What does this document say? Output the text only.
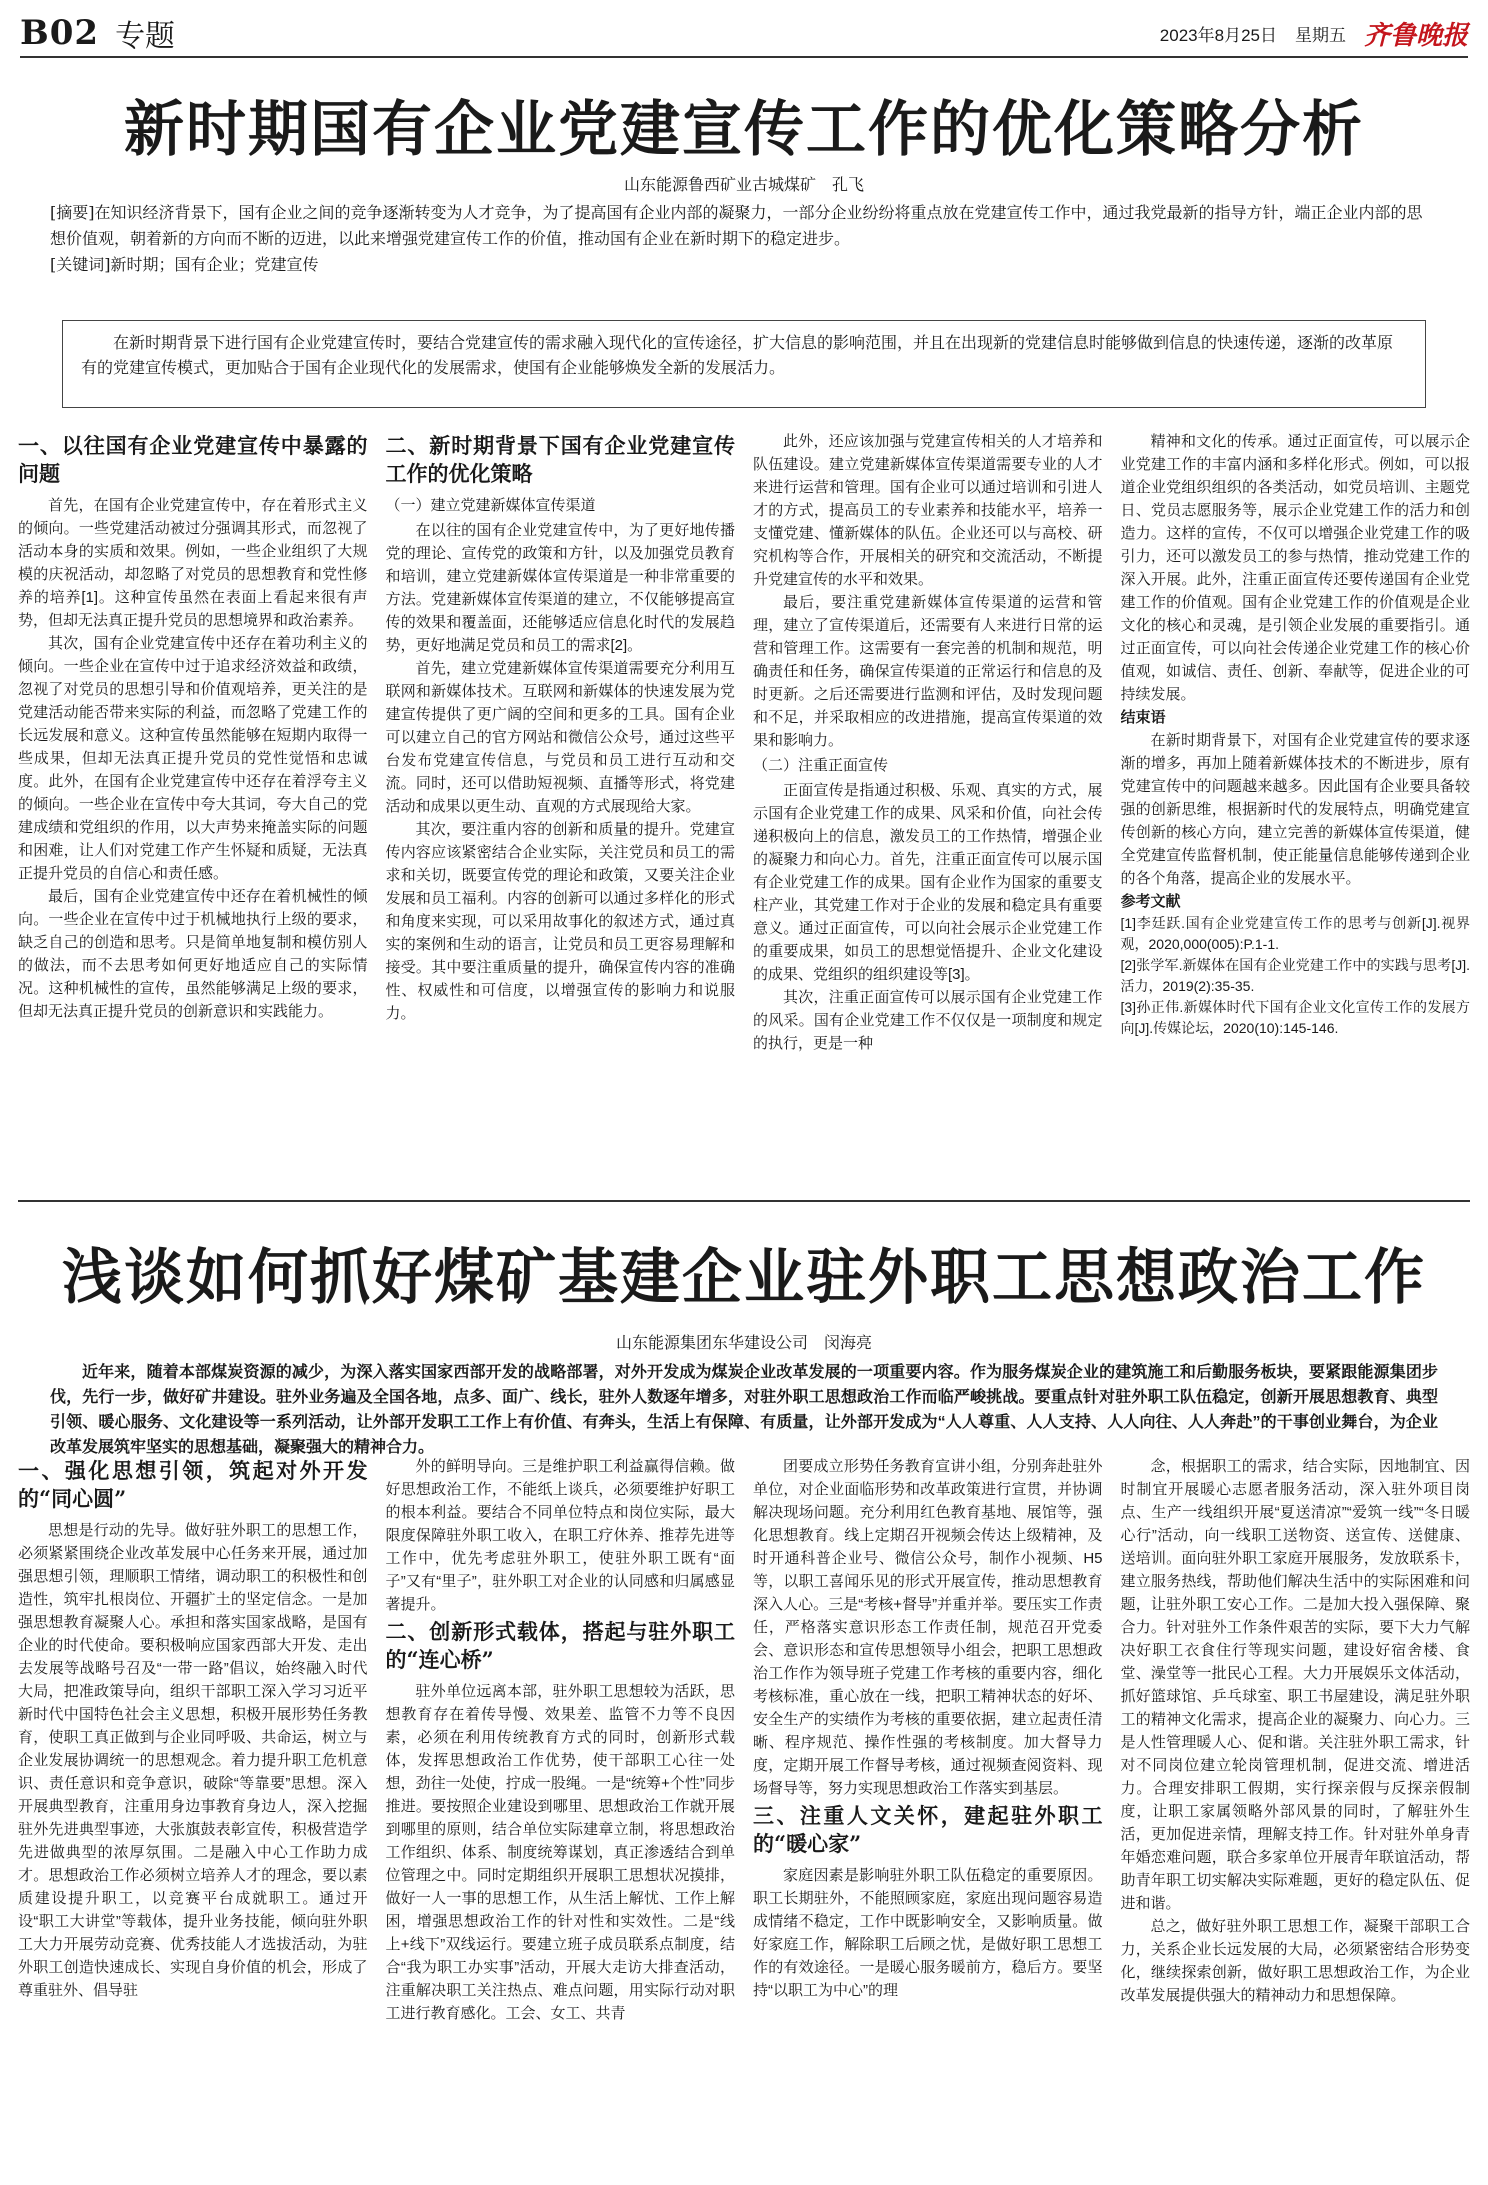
B02 专题	2023年8月25日 星期五 齐鲁晚报
新时期国有企业党建宣传工作的优化策略分析
山东能源鲁西矿业古城煤矿　孔飞

[摘要]在知识经济背景下，国有企业之间的竞争逐渐转变为人才竞争，为了提高国有企业内部的凝聚力，一部分企业纷纷将重点放在党建宣传工作中，通过我党最新的指导方针，端正企业内部的思想价值观，朝着新的方向而不断的迈进，以此来增强党建宣传工作的价值，推动国有企业在新时期下的稳定进步。

[关键词]新时期；国有企业；党建宣传

在新时期背景下进行国有企业党建宣传时，要结合党建宣传的需求融入现代化的宣传途径，扩大信息的影响范围，并且在出现新的党建信息时能够做到信息的快速传递，逐渐的改革原有的党建宣传模式，更加贴合于国有企业现代化的发展需求，使国有企业能够焕发全新的发展活力。
一、以往国有企业党建宣传中暴露的问题

首先，在国有企业党建宣传中，存在着形式主义的倾向。一些党建活动被过分强调其形式，而忽视了活动本身的实质和效果。例如，一些企业组织了大规模的庆祝活动，却忽略了对党员的思想教育和党性修养的培养[1]。这种宣传虽然在表面上看起来很有声势，但却无法真正提升党员的思想境界和政治素养。

其次，国有企业党建宣传中还存在着功利主义的倾向。一些企业在宣传中过于追求经济效益和政绩，忽视了对党员的思想引导和价值观培养，更关注的是党建活动能否带来实际的利益，而忽略了党建工作的长远发展和意义。这种宣传虽然能够在短期内取得一些成果，但却无法真正提升党员的党性觉悟和忠诚度。此外，在国有企业党建宣传中还存在着浮夸主义的倾向。一些企业在宣传中夸大其词，夸大自己的党建成绩和党组织的作用，以大声势来掩盖实际的问题和困难，让人们对党建工作产生怀疑和质疑，无法真正提升党员的自信心和责任感。

最后，国有企业党建宣传中还存在着机械性的倾向。一些企业在宣传中过于机械地执行上级的要求，缺乏自己的创造和思考。只是简单地复制和模仿别人的做法，而不去思考如何更好地适应自己的实际情况。这种机械性的宣传，虽然能够满足上级的要求，但却无法真正提升党员的创新意识和实践能力。

二、新时期背景下国有企业党建宣传工作的优化策略
（一）建立党建新媒体宣传渠道

在以往的国有企业党建宣传中，为了更好地传播党的理论、宣传党的政策和方针，以及加强党员教育和培训，建立党建新媒体宣传渠道是一种非常重要的方法。党建新媒体宣传渠道的建立，不仅能够提高宣传的效果和覆盖面，还能够适应信息化时代的发展趋势，更好地满足党员和员工的需求[2]。

首先，建立党建新媒体宣传渠道需要充分利用互联网和新媒体技术。互联网和新媒体的快速发展为党建宣传提供了更广阔的空间和更多的工具。国有企业可以建立自己的官方网站和微信公众号，通过这些平台发布党建宣传信息，与党员和员工进行互动和交流。同时，还可以借助短视频、直播等形式，将党建活动和成果以更生动、直观的方式展现给大家。

其次，要注重内容的创新和质量的提升。党建宣传内容应该紧密结合企业实际，关注党员和员工的需求和关切，既要宣传党的理论和政策，又要关注企业发展和员工福利。内容的创新可以通过多样化的形式和角度来实现，可以采用故事化的叙述方式，通过真实的案例和生动的语言，让党员和员工更容易理解和接受。其中要注重质量的提升，确保宣传内容的准确性、权威性和可信度，以增强宣传的影响力和说服力。

此外，还应该加强与党建宣传相关的人才培养和队伍建设。建立党建新媒体宣传渠道需要专业的人才来进行运营和管理。国有企业可以通过培训和引进人才的方式，提高员工的专业素养和技能水平，培养一支懂党建、懂新媒体的队伍。企业还可以与高校、研究机构等合作，开展相关的研究和交流活动，不断提升党建宣传的水平和效果。

最后，要注重党建新媒体宣传渠道的运营和管理，建立了宣传渠道后，还需要有人来进行日常的运营和管理工作。这需要有一套完善的机制和规范，明确责任和任务，确保宣传渠道的正常运行和信息的及时更新。之后还需要进行监测和评估，及时发现问题和不足，并采取相应的改进措施，提高宣传渠道的效果和影响力。

（二）注重正面宣传

正面宣传是指通过积极、乐观、真实的方式，展示国有企业党建工作的成果、风采和价值，向社会传递积极向上的信息，激发员工的工作热情，增强企业的凝聚力和向心力。首先，注重正面宣传可以展示国有企业党建工作的成果。国有企业作为国家的重要支柱产业，其党建工作对于企业的发展和稳定具有重要意义。通过正面宣传，可以向社会展示企业党建工作的重要成果，如员工的思想觉悟提升、企业文化建设的成果、党组织的组织建设等[3]。

其次，注重正面宣传可以展示国有企业党建工作的风采。国有企业党建工作不仅仅是一项制度和规定的执行，更是一种

精神和文化的传承。通过正面宣传，可以展示企业党建工作的丰富内涵和多样化形式。例如，可以报道企业党组织组织的各类活动，如党员培训、主题党日、党员志愿服务等，展示企业党建工作的活力和创造力。这样的宣传，不仅可以增强企业党建工作的吸引力，还可以激发员工的参与热情，推动党建工作的深入开展。此外，注重正面宣传还要传递国有企业党建工作的价值观。国有企业党建工作的价值观是企业文化的核心和灵魂，是引领企业发展的重要指引。通过正面宣传，可以向社会传递企业党建工作的核心价值观，如诚信、责任、创新、奉献等，促进企业的可持续发展。

结束语

在新时期背景下，对国有企业党建宣传的要求逐渐的增多，再加上随着新媒体技术的不断进步，原有党建宣传中的问题越来越多。因此国有企业要具备较强的创新思维，根据新时代的发展特点，明确党建宣传创新的核心方向，建立完善的新媒体宣传渠道，健全党建宣传监督机制，使正能量信息能够传递到企业的各个角落，提高企业的发展水平。

参考文献

[1]李廷跃.国有企业党建宣传工作的思考与创新[J].视界观，2020,000(005):P.1-1.

[2]张学军.新媒体在国有企业党建工作中的实践与思考[J].活力，2019(2):35-35.

[3]孙正伟.新媒体时代下国有企业文化宣传工作的发展方向[J].传媒论坛，2020(10):145-146.

浅谈如何抓好煤矿基建企业驻外职工思想政治工作
山东能源集团东华建设公司　闵海亮
近年来，随着本部煤炭资源的减少，为深入落实国家西部开发的战略部署，对外开发成为煤炭企业改革发展的一项重要内容。作为服务煤炭企业的建筑施工和后勤服务板块，要紧跟能源集团步伐，先行一步，做好矿井建设。驻外业务遍及全国各地，点多、面广、线长，驻外人数逐年增多，对驻外职工思想政治工作而临严峻挑战。要重点针对驻外职工队伍稳定，创新开展思想教育、典型引领、暖心服务、文化建设等一系列活动，让外部开发职工工作上有价值、有奔头，生活上有保障、有质量，让外部开发成为“人人尊重、人人支持、人人向往、人人奔赴”的干事创业舞台，为企业改革发展筑牢坚实的思想基础，凝聚强大的精神合力。
一、强化思想引领，筑起对外开发的“同心圆”

思想是行动的先导。做好驻外职工的思想工作，必须紧紧围绕企业改革发展中心任务来开展，通过加强思想引领，理顺职工情绪，调动职工的积极性和创造性，筑牢扎根岗位、开疆扩土的坚定信念。一是加强思想教育凝聚人心。承担和落实国家战略，是国有企业的时代使命。要积极响应国家西部大开发、走出去发展等战略号召及“一带一路”倡议，始终融入时代大局，把准政策导向，组织干部职工深入学习习近平新时代中国特色社会主义思想，积极开展形势任务教育，使职工真正做到与企业同呼吸、共命运，树立与企业发展协调统一的思想观念。着力提升职工危机意识、责任意识和竞争意识，破除“等靠要”思想。深入开展典型教育，注重用身边事教育身边人，深入挖掘驻外先进典型事迹，大张旗鼓表彰宣传，积极营造学先进做典型的浓厚氛围。二是融入中心工作助力成才。思想政治工作必须树立培养人才的理念，要以素质建设提升职工，以竞赛平台成就职工。通过开设“职工大讲堂”等载体，提升业务技能，倾向驻外职工大力开展劳动竞赛、优秀技能人才选拔活动，为驻外职工创造快速成长、实现自身价值的机会，形成了尊重驻外、倡导驻

外的鲜明导向。三是维护职工利益赢得信赖。做好思想政治工作，不能纸上谈兵，必须要维护好职工的根本利益。要结合不同单位特点和岗位实际，最大限度保障驻外职工收入，在职工疗休养、推荐先进等工作中，优先考虑驻外职工，使驻外职工既有“面子”又有“里子”，驻外职工对企业的认同感和归属感显著提升。

二、创新形式载体，搭起与驻外职工的“连心桥”

驻外单位远离本部，驻外职工思想较为活跃，思想教育存在着传导慢、效果差、监管不力等不良因素，必须在利用传统教育方式的同时，创新形式载体，发挥思想政治工作优势，使干部职工心往一处想，劲往一处使，拧成一股绳。一是“统筹+个性”同步推进。要按照企业建设到哪里、思想政治工作就开展到哪里的原则，结合单位实际建章立制，将思想政治工作组织、体系、制度统筹谋划，真正渗透结合到单位管理之中。同时定期组织开展职工思想状况摸排，做好一人一事的思想工作，从生活上解忧、工作上解困，增强思想政治工作的针对性和实效性。二是“线上+线下”双线运行。要建立班子成员联系点制度，结合“我为职工办实事”活动，开展大走访大排查活动，注重解决职工关注热点、难点问题，用实际行动对职工进行教育感化。工会、女工、共青

团要成立形势任务教育宣讲小组，分别奔赴驻外单位，对企业面临形势和改革政策进行宣贯，并协调解决现场问题。充分利用红色教育基地、展馆等，强化思想教育。线上定期召开视频会传达上级精神，及时开通科普企业号、微信公众号，制作小视频、H5等，以职工喜闻乐见的形式开展宣传，推动思想教育深入人心。三是“考核+督导”并重并举。要压实工作责任，严格落实意识形态工作责任制，规范召开党委会、意识形态和宣传思想领导小组会，把职工思想政治工作作为领导班子党建工作考核的重要内容，细化考核标准，重心放在一线，把职工精神状态的好坏、安全生产的实绩作为考核的重要依据，建立起责任清晰、程序规范、操作性强的考核制度。加大督导力度，定期开展工作督导考核，通过视频查阅资料、现场督导等，努力实现思想政治工作落实到基层。

三、注重人文关怀，建起驻外职工的“暖心家”

家庭因素是影响驻外职工队伍稳定的重要原因。职工长期驻外，不能照顾家庭，家庭出现问题容易造成情绪不稳定，工作中既影响安全，又影响质量。做好家庭工作，解除职工后顾之忧，是做好职工思想工作的有效途径。一是暖心服务暖前方，稳后方。要坚持“以职工为中心”的理

念，根据职工的需求，结合实际，因地制宜、因时制宜开展暖心志愿者服务活动，深入驻外项目岗点、生产一线组织开展“夏送清凉”“爱筑一线”“冬日暖心行”活动，向一线职工送物资、送宣传、送健康、送培训。面向驻外职工家庭开展服务，发放联系卡，建立服务热线，帮助他们解决生活中的实际困难和问题，让驻外职工安心工作。二是加大投入强保障、聚合力。针对驻外工作条件艰苦的实际，要下大力气解决好职工衣食住行等现实问题，建设好宿舍楼、食堂、澡堂等一批民心工程。大力开展娱乐文体活动，抓好篮球馆、乒乓球室、职工书屋建设，满足驻外职工的精神文化需求，提高企业的凝聚力、向心力。三是人性管理暖人心、促和谐。关注驻外职工需求，针对不同岗位建立轮岗管理机制，促进交流、增进活力。合理安排职工假期，实行探亲假与反探亲假制度，让职工家属领略外部风景的同时，了解驻外生活，更加促进亲情，理解支持工作。针对驻外单身青年婚恋难问题，联合多家单位开展青年联谊活动，帮助青年职工切实解决实际难题，更好的稳定队伍、促进和谐。

总之，做好驻外职工思想工作，凝聚干部职工合力，关系企业长远发展的大局，必须紧密结合形势变化，继续探索创新，做好职工思想政治工作，为企业改革发展提供强大的精神动力和思想保障。
